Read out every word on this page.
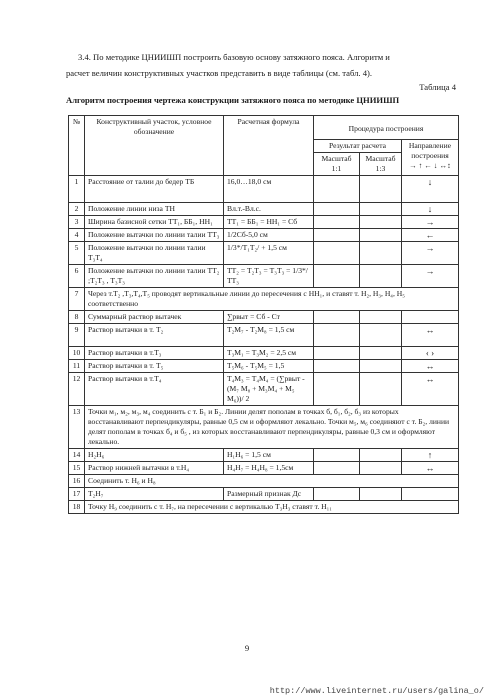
3.4. По методике ЦНИИШП построить базовую основу затяжного пояса. Алгоритм и
расчет величин конструктивных участков представить в виде таблицы (см. табл. 4).
Таблица 4
Алгоритм построения чертежа конструкции затяжного пояса по методике ЦНИИШП
№	Конструктивный участок, условное обозначение	Расчетная формула	Процедура построения		
			Результат расчета		Направление построения
→ ↑ ← ↓ ↔↕

			Масштаб 1:1	Масштаб 1:3	
1	Расстояние от талии до бедер ТБ	16,0…18,0 см			↓
2	Положение линии низа ТН	Вл.т.-Вл.с.			↓
3	Ширина базисной сетки ТТ₁, ББ₁, НН₁	ТТ₁ = ББ₁ = НН₁ = Сб			→
4	Положение вытачки по линии талии ТТ₃	1/2Сб-5,0 см			←
5	Положение вытачки по линии талии Т₃Т₄	1/3*/Т₁Т₂/ + 1,5 см			→
6	Положение вытачки по линии талии ТТ₂ ;Т₂Т₃ , Т₃Т₃	ТТ₂ = Т₂Т₃ = Т₃Т₃ = 1/3*/ТТ₃			→
7	Через т.Т₂ ,Т₃,Т₄,Т₅ проводят вертикальные линии до пересечения с НН₁, и ставят т. Н₂, Н₃, Н₄, Н₅ соответственно				
8	Суммарный раствор вытачек	∑рвыт = Сб - Ст			
9	Раствор вытачки в т. Т₂	Т₂М₇ - Т₂М₈ = 1,5 см			↔
10	Раствор вытачки в т.Т₃	Т₃М₁ = Т₃М₂ = 2,5 см			‹ ›
11	Раствор вытачки в т. Т₅	Т₅М₆ - Т₅М₅ = 1,5			↔
12	Раствор вытачки в т.Т₄	Т₄М₃ = Т₄М₄ = (∑рвыт - (М₇ М₈ + М₃М₄ + М₅ М₆))/ 2			↔
13	Точки м₁, м₂, м₃, м₄ соединить с т. Б₁ и Б₂. Линии делят пополам в точках б, б₁, б₂, б₃ из которых восстанавливают перпендикуляры, равные 0,5 см и оформляют лекально. Точки м₅, м₆ соединяют с т. Б₂, линии делят пополам в точках б₄ и б₅ , из которых восстанавливают перпендикуляры, равные 0,3 см и оформляют лекально.				
14	Н₂Н₆	Н₁Н₆ = 1,5 см			↑
15	Раствор нижней вытачки в т.Н₄	Н₄Н₇ = Н₄Н₈ = 1,5см			↔
16	Соединить т. Н₆ и Н₈				
17	Т₂Н₇	Размерный признак Дс			
18	Точку Н₉ соединить с т. Н₇, на пересечении с вертикалью Т₃Н₃ ставят т. Н₁₁				
9
http://www.liveinternet.ru/users/galina_o/
